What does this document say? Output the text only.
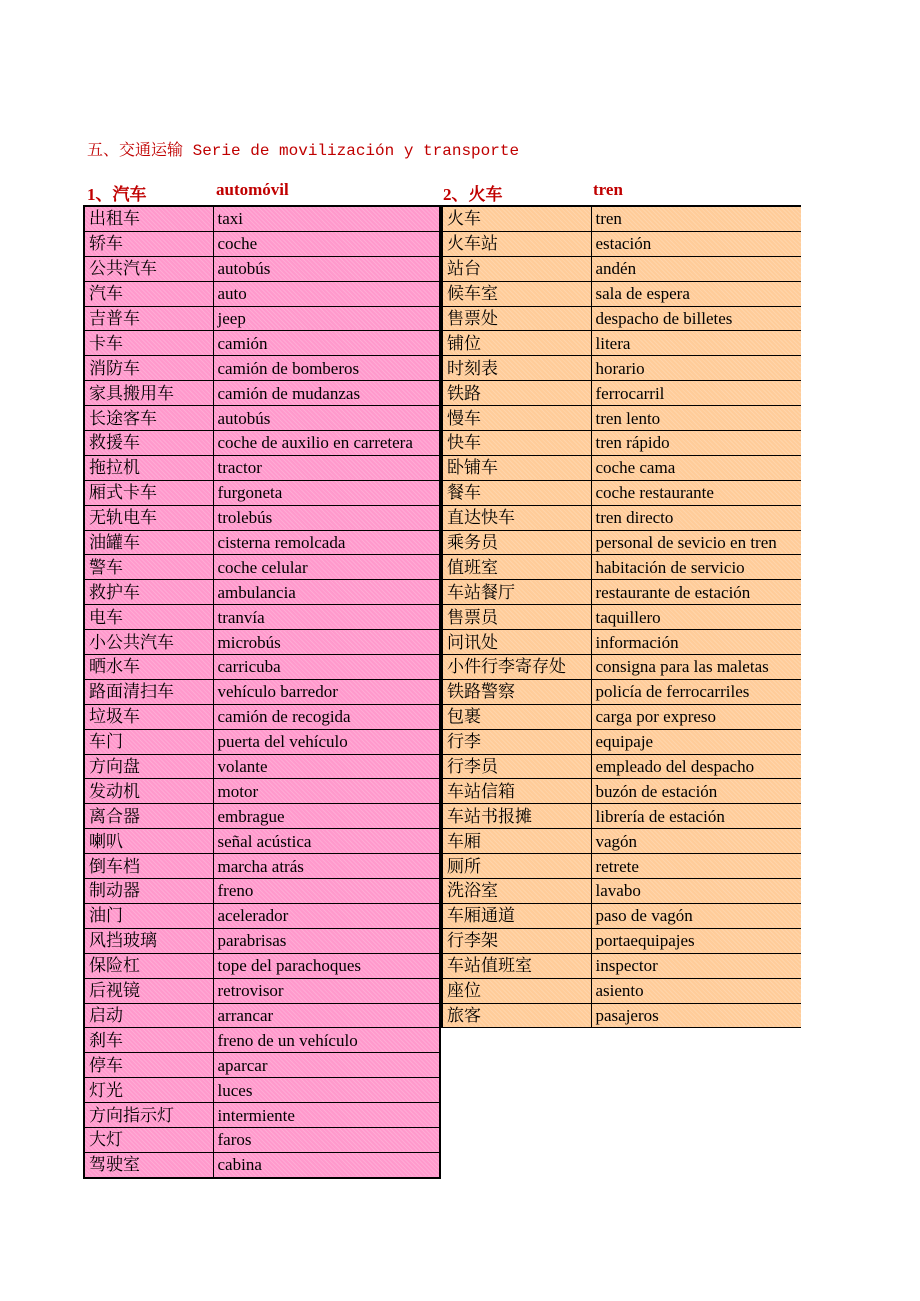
五、交通运输 Serie de movilización y transporte
1、汽车	automóvil	2、火车	tren
出租车	taxi
轿车	coche
公共汽车	autobús
汽车	auto
吉普车	jeep
卡车	camión
消防车	camión de bomberos
家具搬用车	camión de mudanzas
长途客车	autobús
救援车	coche de auxilio en carretera
拖拉机	tractor
厢式卡车	furgoneta
无轨电车	trolebús
油罐车	cisterna remolcada
警车	coche celular
救护车	ambulancia
电车	tranvía
小公共汽车	microbús
晒水车	carricuba
路面清扫车	vehículo barredor
垃圾车	camión de recogida
车门	puerta del vehículo
方向盘	volante
发动机	motor
离合器	embrague
喇叭	señal acústica
倒车档	marcha atrás
制动器	freno
油门	acelerador
风挡玻璃	parabrisas
保险杠	tope del parachoques
后视镜	retrovisor
启动	arrancar
刹车	freno de un vehículo
停车	aparcar
灯光	luces
方向指示灯	intermiente
大灯	faros
驾驶室	cabina
火车	tren
火车站	estación
站台	andén
候车室	sala de espera
售票处	despacho de billetes
铺位	litera
时刻表	horario
铁路	ferrocarril
慢车	tren lento
快车	tren rápido
卧铺车	coche cama
餐车	coche restaurante
直达快车	tren directo
乘务员	personal de sevicio en tren
值班室	habitación de servicio
车站餐厅	restaurante de estación
售票员	taquillero
问讯处	información
小件行李寄存处	consigna para las maletas
铁路警察	policía de ferrocarriles
包裹	carga por expreso
行李	equipaje
行李员	empleado del despacho
车站信箱	buzón de estación
车站书报摊	librería de estación
车厢	vagón
厕所	retrete
洗浴室	lavabo
车厢通道	paso de vagón
行李架	portaequipajes
车站值班室	inspector
座位	asiento
旅客	pasajeros
